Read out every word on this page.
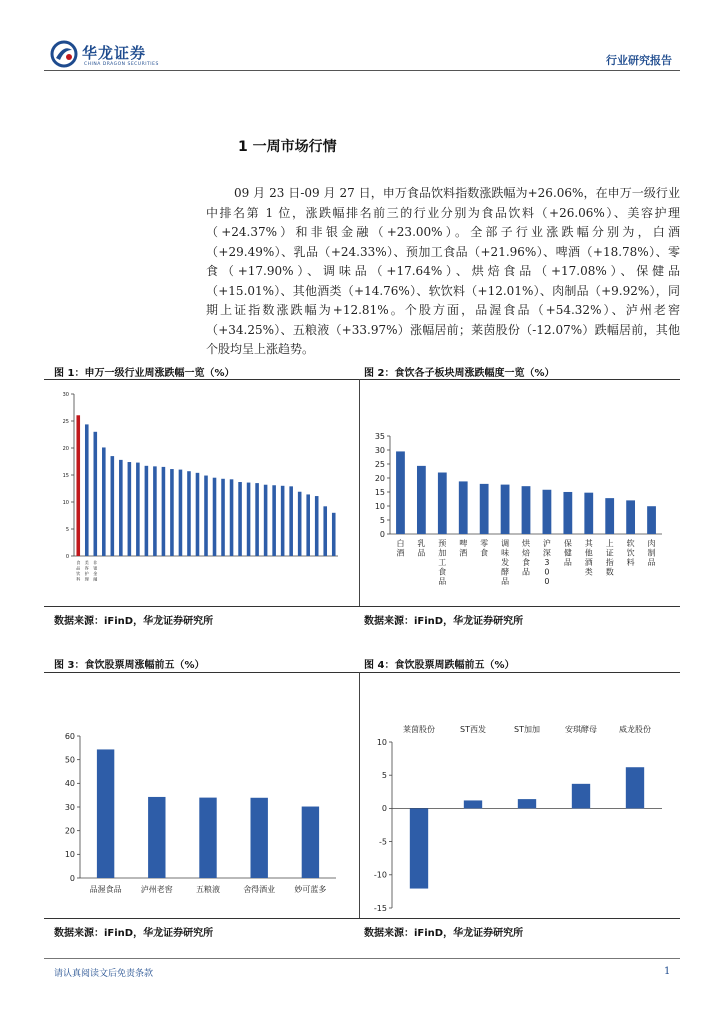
华龙证券
CHINA DRAGON SECURITIES	行业研究报告
1 一周市场行情

09 月 23 日-09 月 27 日，申万食品饮料指数涨跌幅为+26.06%，在申万一级行业中排名第 1 位，涨跌幅排名前三的行业分别为食品饮料（+26.06%）、美容护理（+24.37%）和非银金融（+23.00%）。全部子行业涨跌幅分别为，白酒（+29.49%）、乳品（+24.33%）、预加工食品（+21.96%）、啤酒（+18.78%）、零食（+17.90%）、调味品（+17.64%）、烘焙食品（+17.08%）、保健品（+15.01%）、其他酒类（+14.76%）、软饮料（+12.01%）、肉制品（+9.92%），同期上证指数涨跌幅为+12.81%。个股方面，品渥食品（+54.32%）、泸州老窖（+34.25%）、五粮液（+33.97%）涨幅居前；莱茵股份（-12.07%）跌幅居前，其他个股均呈上涨趋势。

图 1：申万一级行业周涨跌幅一览（%）	图 2：食饮各子板块周涨跌幅度一览（%）
数据来源：iFinD，华龙证券研究所	数据来源：iFinD，华龙证券研究所
0
5
10
15
20
25
30
食
品
饮
料
美
容
护
理
非
银
金
融
0
5
10
15
20
25
30
35
白
酒
乳
品
预
加
工
食
品
啤
酒
零
食
调
味
发
酵
品
烘
焙
食
品
沪
深
3
0
0
保
健
品
其
他
酒
类
上
证
指
数
软
饮
料
肉
制
品
图 3：食饮股票周涨幅前五（%）	图 4：食饮股票周跌幅前五（%）
数据来源：iFinD，华龙证券研究所	数据来源：iFinD，华龙证券研究所
0
10
20
30
40
50
60
品渥食品 泸州老窖	五粮液	舍得酒业 妙可蓝多
-15
-10
-5
0
5
10
莱茵股份	ST西发	ST加加	安琪酵母	威龙股份
请认真阅读文后免责条款	1
